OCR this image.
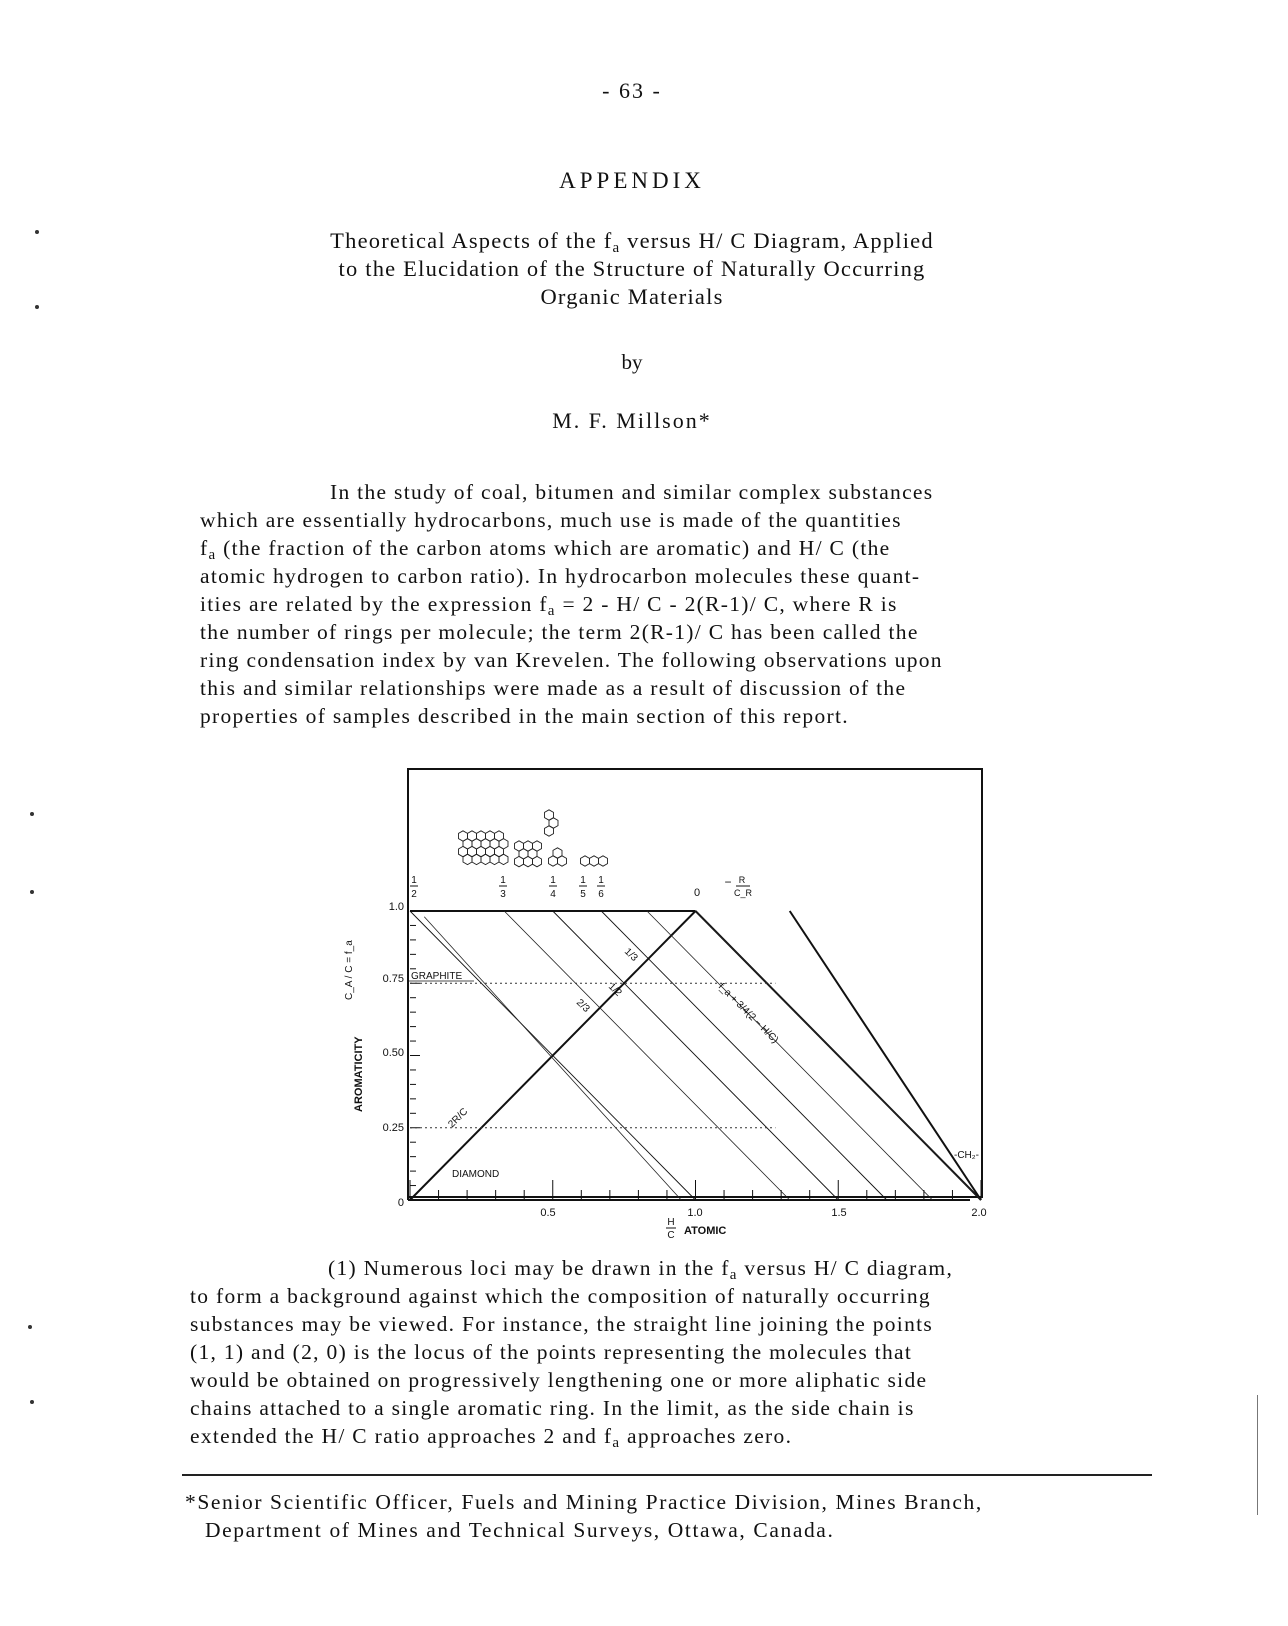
- 63 -
APPENDIX
Theoretical Aspects of the $f_a$ versus H/ C Diagram, Applied
to the Elucidation of the Structure of Naturally Occurring
Organic Materials
by
M. F. Millson*
In the study of coal, bitumen and similar complex substances
which are essentially hydrocarbons, much use is made of the quantities
$f_a$ (the fraction of the carbon atoms which are aromatic) and H/ C (the
atomic hydrogen to carbon ratio). In hydrocarbon molecules these quant-
ities are related by the expression $f_a = 2 - H/$ C - 2(R-1)/ C, where R is
the number of rings per molecule; the term 2(R-1)/ C has been called the
ring condensation index by van Krevelen. The following observations upon
this and similar relationships were made as a result of discussion of the
properties of samples described in the main section of this report.
0
0.25
0.50
0.75
1.0
0.5	1.0	1.5	2.0
H
C ATOMIC
AROMATICITY
C_A / C = f_a
1
2
1
3
1
4
1
5
1
6	0
− R
C_R
GRAPHITE
DIAMOND
-CH₂-
1/3
1/2
2/3
2R/C
f_a + 3/4(2 − H/C)
(1) Numerous loci may be drawn in the $f_a$ versus H/ C diagram,
to form a background against which the composition of naturally occurring
substances may be viewed. For instance, the straight line joining the points
(1, 1) and (2, 0) is the locus of the points representing the molecules that
would be obtained on progressively lengthening one or more aliphatic side
chains attached to a single aromatic ring. In the limit, as the side chain is
extended the H/ C ratio approaches 2 and $f_a$ approaches zero.
*Senior Scientific Officer, Fuels and Mining Practice Division, Mines Branch,
Department of Mines and Technical Surveys, Ottawa, Canada.
